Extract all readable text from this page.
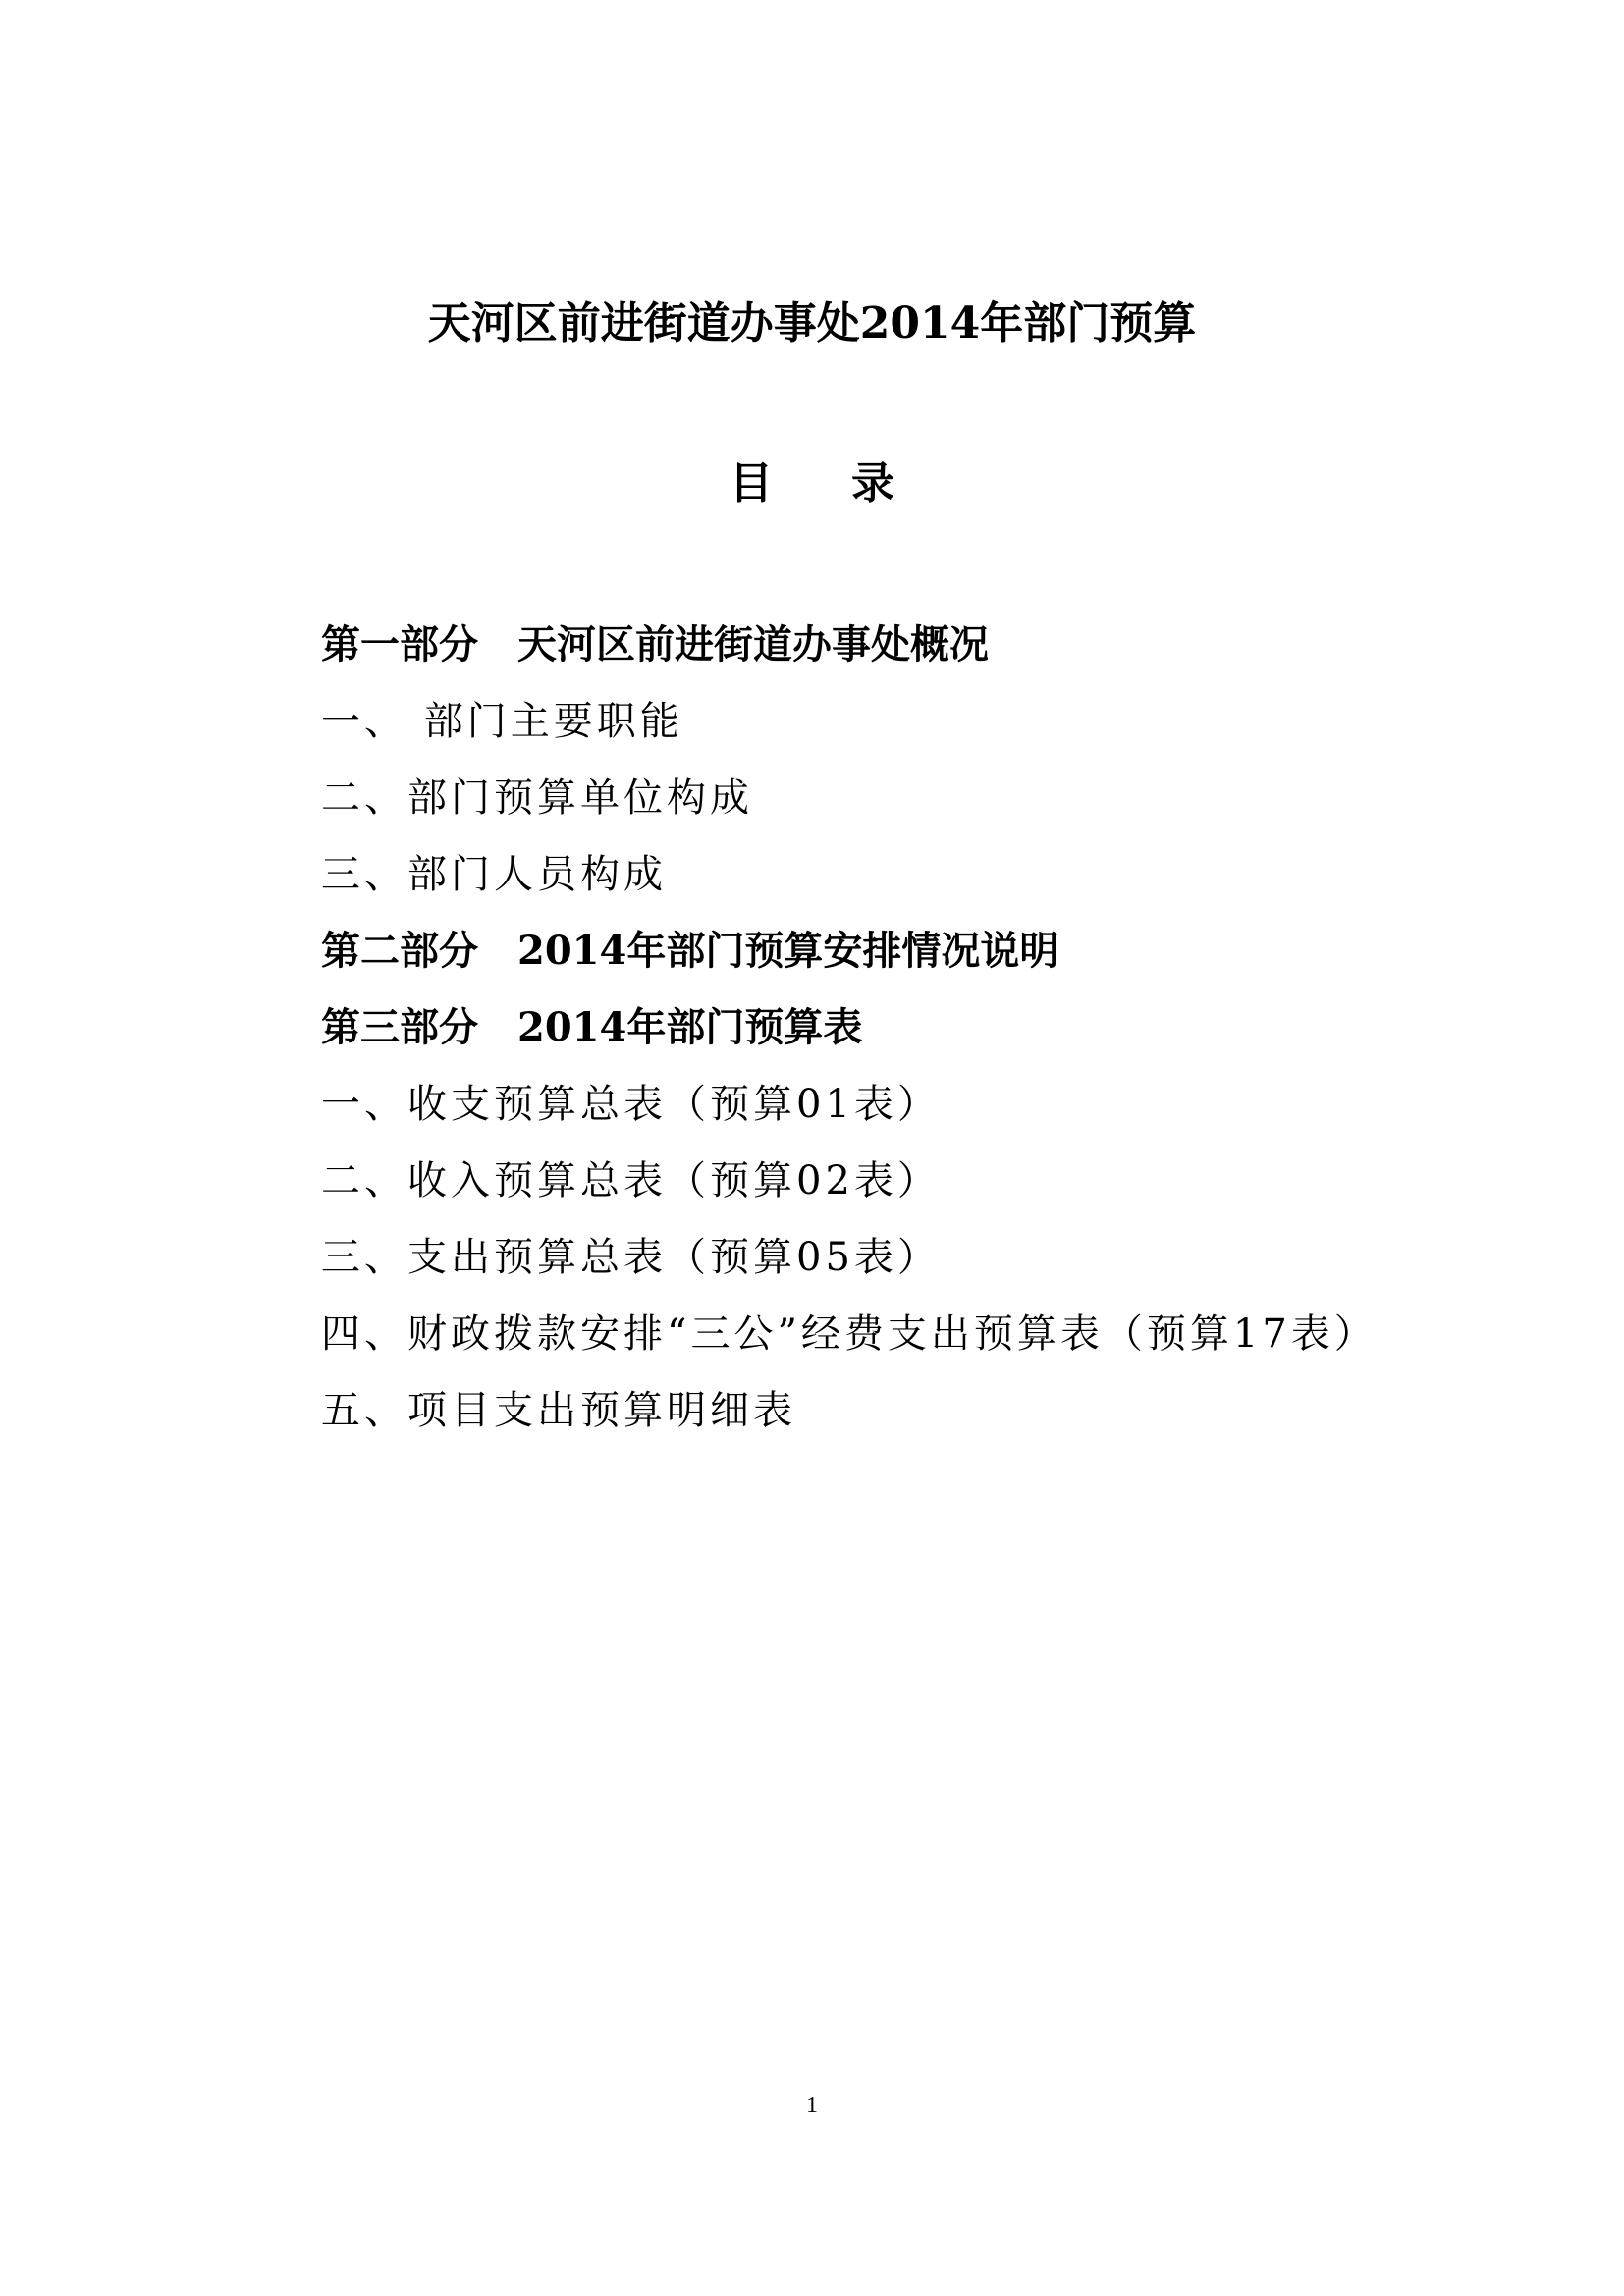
天河区前进街道办事处2014年部门预算
目录
第一部分　天河区前进街道办事处概况
一、 部门主要职能
二、部门预算单位构成
三、部门人员构成
第二部分　2014年部门预算安排情况说明
第三部分　2014年部门预算表
一、收支预算总表（预算01表）
二、收入预算总表（预算02表）
三、支出预算总表（预算05表）
四、财政拨款安排“三公”经费支出预算表（预算17表）
五、项目支出预算明细表
1
